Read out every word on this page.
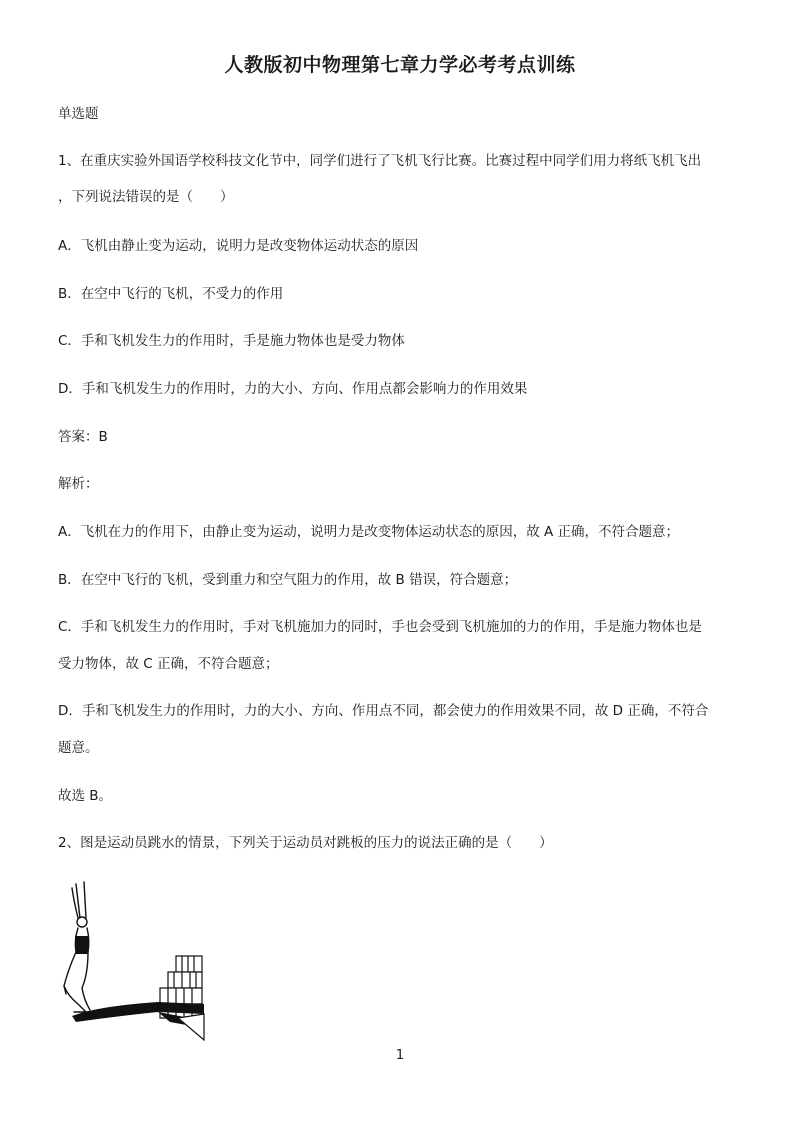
人教版初中物理第七章力学必考考点训练
单选题
1、在重庆实验外国语学校科技文化节中，同学们进行了飞机飞行比赛。比赛过程中同学们用力将纸飞机飞出
，下列说法错误的是（　　）
A．飞机由静止变为运动，说明力是改变物体运动状态的原因
B．在空中飞行的飞机，不受力的作用
C．手和飞机发生力的作用时，手是施力物体也是受力物体
D．手和飞机发生力的作用时，力的大小、方向、作用点都会影响力的作用效果
答案：B
解析：
A．飞机在力的作用下，由静止变为运动，说明力是改变物体运动状态的原因，故 A 正确，不符合题意；
B．在空中飞行的飞机，受到重力和空气阻力的作用，故 B 错误，符合题意；
C．手和飞机发生力的作用时，手对飞机施加力的同时，手也会受到飞机施加的力的作用，手是施力物体也是
受力物体，故 C 正确，不符合题意；
D．手和飞机发生力的作用时，力的大小、方向、作用点不同，都会使力的作用效果不同，故 D 正确，不符合
题意。
故选 B。
2、图是运动员跳水的情景，下列关于运动员对跳板的压力的说法正确的是（　　）
1
